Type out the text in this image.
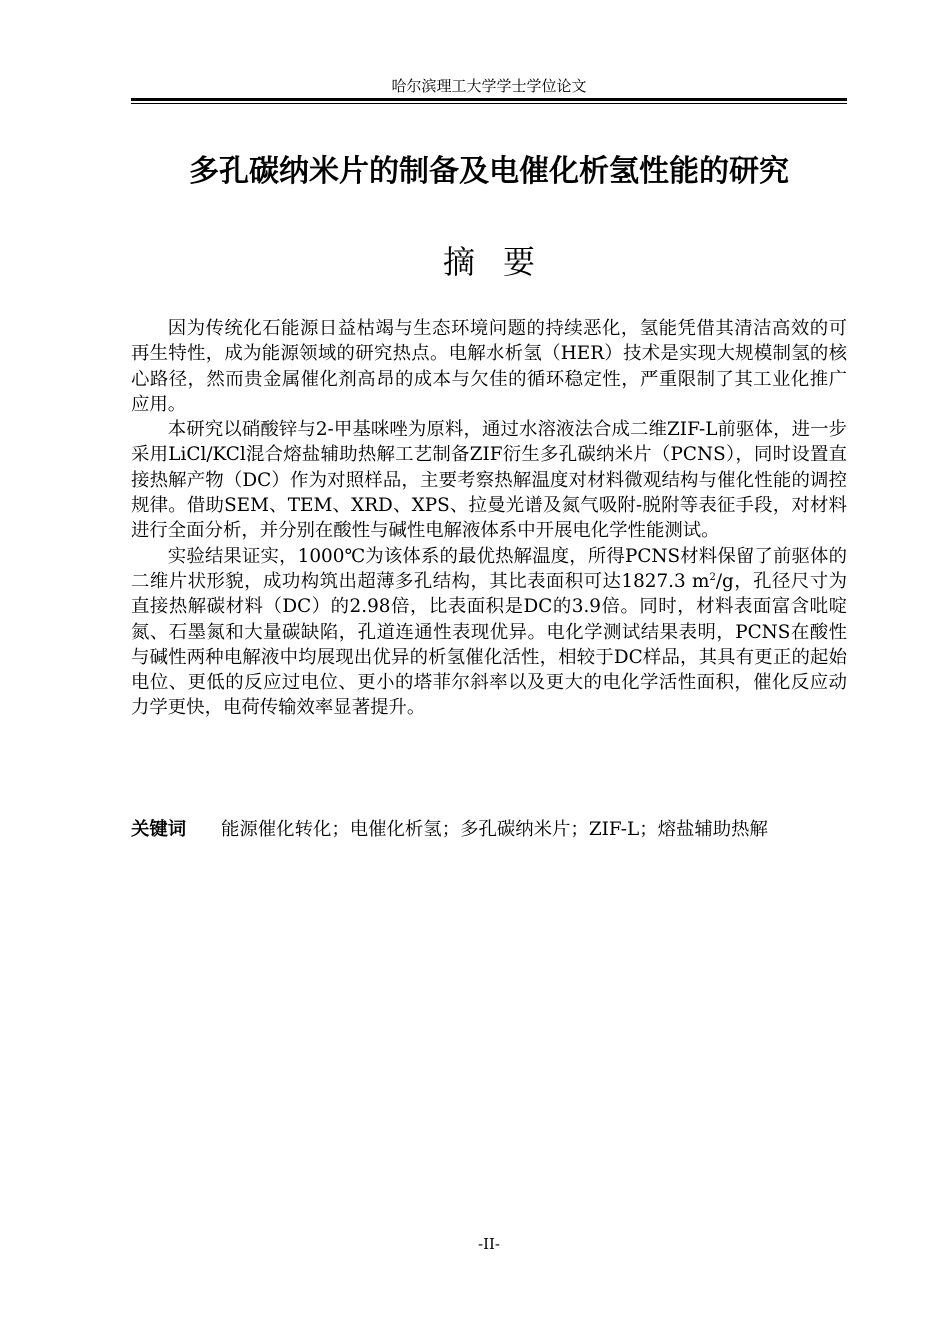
哈尔滨理工大学学士学位论文
多孔碳纳米片的制备及电催化析氢性能的研究
摘要

因为传统化石能源日益枯竭与生态环境问题的持续恶化，氢能凭借其清洁高效的可再生特性，成为能源领域的研究热点。电解水析氢（HER）技术是实现大规模制氢的核心路径，然而贵金属催化剂高昂的成本与欠佳的循环稳定性，严重限制了其工业化推广应用。

本研究以硝酸锌与2-甲基咪唑为原料，通过水溶液法合成二维ZIF-L前驱体，进一步采用LiCl/KCl混合熔盐辅助热解工艺制备ZIF衍生多孔碳纳米片（PCNS），同时设置直接热解产物（DC）作为对照样品，主要考察热解温度对材料微观结构与催化性能的调控规律。借助SEM、TEM、XRD、XPS、拉曼光谱及氮气吸附-脱附等表征手段，对材料进行全面分析，并分别在酸性与碱性电解液体系中开展电化学性能测试。

实验结果证实，1000℃为该体系的最优热解温度，所得PCNS材料保留了前驱体的二维片状形貌，成功构筑出超薄多孔结构，其比表面积可达1827.3 $m^2/g$，孔径尺寸为直接热解碳材料（DC）的2.98倍，比表面积是DC的3.9倍。同时，材料表面富含吡啶氮、石墨氮和大量碳缺陷，孔道连通性表现优异。电化学测试结果表明，PCNS在酸性与碱性两种电解液中均展现出优异的析氢催化活性，相较于DC样品，其具有更正的起始电位、更低的反应过电位、更小的塔菲尔斜率以及更大的电化学活性面积，催化反应动力学更快，电荷传输效率显著提升。

关键词 能源催化转化；电催化析氢；多孔碳纳米片；ZIF-L；熔盐辅助热解
-II-
